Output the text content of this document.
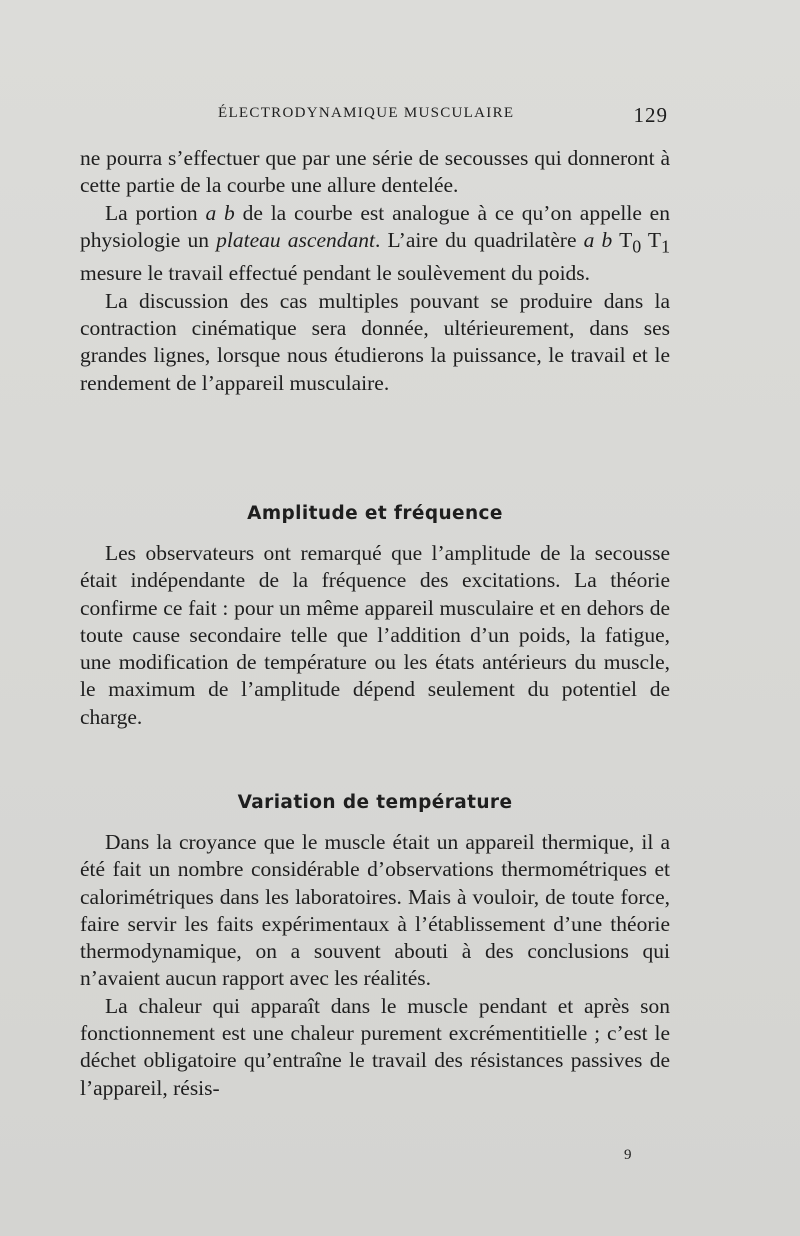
ÉLECTRODYNAMIQUE MUSCULAIRE	129

ne pourra s’effectuer que par une série de secousses qui donneront à cette partie de la courbe une allure dentelée.

La portion a b de la courbe est analogue à ce qu’on appelle en physiologie un plateau ascendant. L’aire du quadrilatère a b $T_0$ $T_1$ mesure le travail effectué pendant le soulèvement du poids.

La discussion des cas multiples pouvant se produire dans la contraction cinématique sera donnée, ultérieurement, dans ses grandes lignes, lorsque nous étudierons la puissance, le travail et le rendement de l’appareil musculaire.

Amplitude et fréquence

Les observateurs ont remarqué que l’amplitude de la secousse était indépendante de la fréquence des excitations. La théorie confirme ce fait : pour un même appareil musculaire et en dehors de toute cause secondaire telle que l’addition d’un poids, la fatigue, une modification de température ou les états antérieurs du muscle, le maximum de l’amplitude dépend seulement du potentiel de charge.

Variation de température

Dans la croyance que le muscle était un appareil thermique, il a été fait un nombre considérable d’observations thermométriques et calorimétriques dans les laboratoires. Mais à vouloir, de toute force, faire servir les faits expérimentaux à l’établissement d’une théorie thermodynamique, on a souvent abouti à des conclusions qui n’avaient aucun rapport avec les réalités.

La chaleur qui apparaît dans le muscle pendant et après son fonctionnement est une chaleur purement excrémentitielle ; c’est le déchet obligatoire qu’entraîne le travail des résistances passives de l’appareil, résis-

9
